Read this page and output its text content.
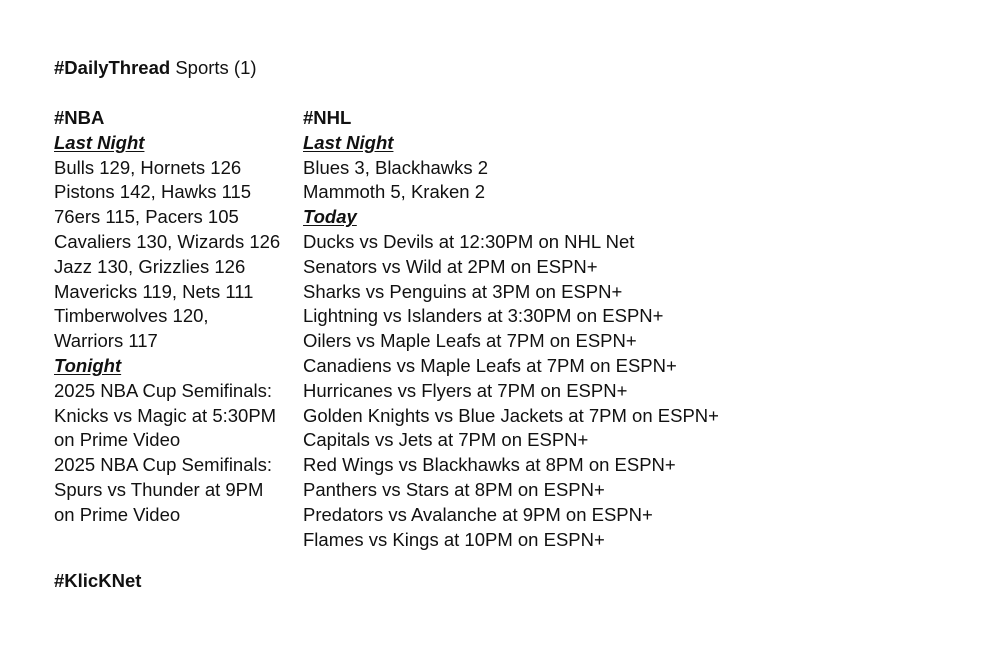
#DailyThread Sports (1)
#NBA
Last Night
Bulls 129, Hornets 126
Pistons 142, Hawks 115
76ers 115, Pacers 105
Cavaliers 130, Wizards 126
Jazz 130, Grizzlies 126
Mavericks 119, Nets 111
Timberwolves 120,
Warriors 117
Tonight
2025 NBA Cup Semifinals:
Knicks vs Magic at 5:30PM
on Prime Video
2025 NBA Cup Semifinals:
Spurs vs Thunder at 9PM
on Prime Video
#NHL
Last Night
Blues 3, Blackhawks 2
Mammoth 5, Kraken 2
Today
Ducks vs Devils at 12:30PM on NHL Net
Senators vs Wild at 2PM on ESPN+
Sharks vs Penguins at 3PM on ESPN+
Lightning vs Islanders at 3:30PM on ESPN+
Oilers vs Maple Leafs at 7PM on ESPN+
Canadiens vs Maple Leafs at 7PM on ESPN+
Hurricanes vs Flyers at 7PM on ESPN+
Golden Knights vs Blue Jackets at 7PM on ESPN+
Capitals vs Jets at 7PM on ESPN+
Red Wings vs Blackhawks at 8PM on ESPN+
Panthers vs Stars at 8PM on ESPN+
Predators vs Avalanche at 9PM on ESPN+
Flames vs Kings at 10PM on ESPN+
#KlicKNet
